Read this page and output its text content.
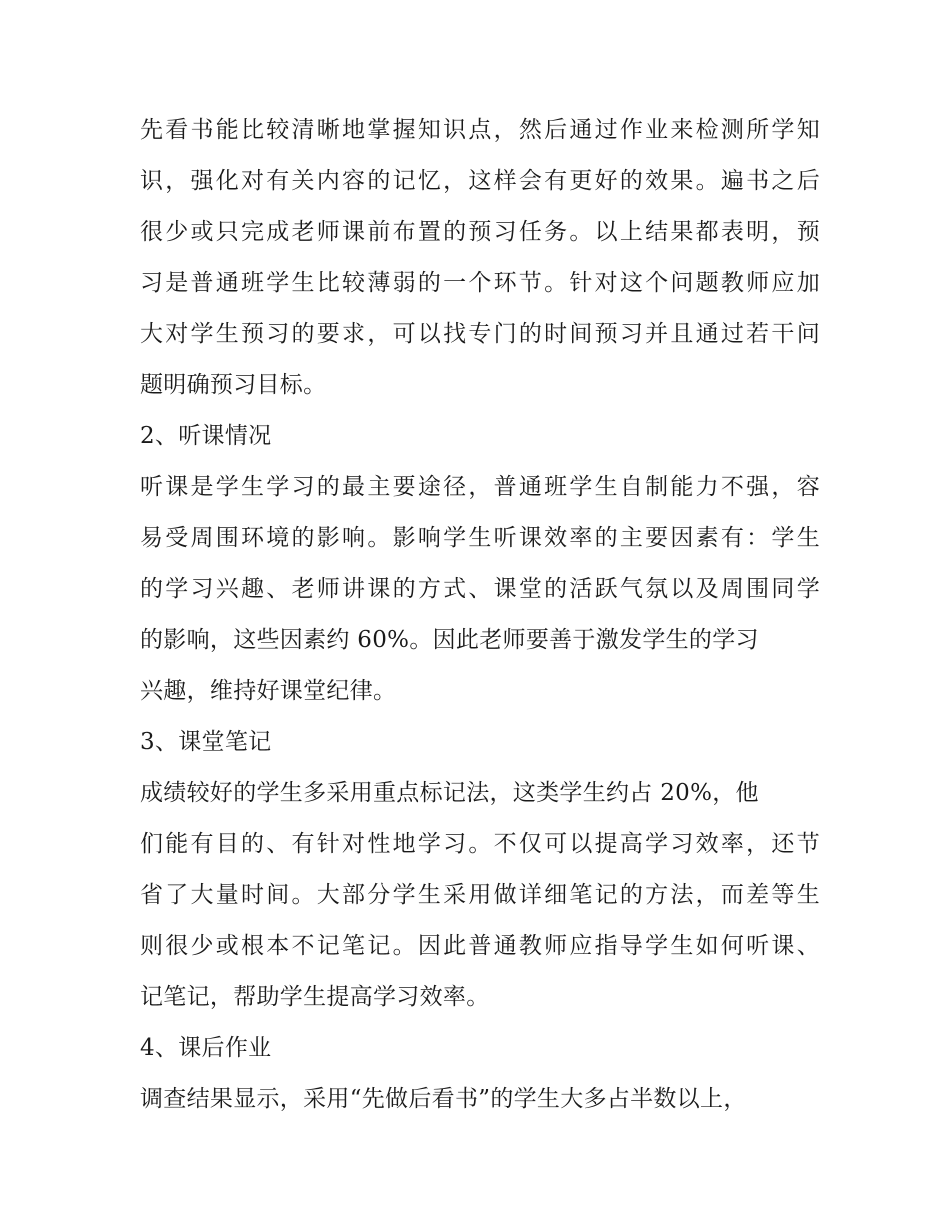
先看书能比较清晰地掌握知识点，然后通过作业来检测所学知
识，强化对有关内容的记忆，这样会有更好的效果。遍书之后
很少或只完成老师课前布置的预习任务。以上结果都表明，预
习是普通班学生比较薄弱的一个环节。针对这个问题教师应加
大对学生预习的要求，可以找专门的时间预习并且通过若干问
题明确预习目标。
2、听课情况
听课是学生学习的最主要途径，普通班学生自制能力不强，容
易受周围环境的影响。影响学生听课效率的主要因素有：学生
的学习兴趣、老师讲课的方式、课堂的活跃气氛以及周围同学
的影响，这些因素约 60%。因此老师要善于激发学生的学习
兴趣，维持好课堂纪律。
3、课堂笔记
成绩较好的学生多采用重点标记法，这类学生约占 20%，他
们能有目的、有针对性地学习。不仅可以提高学习效率，还节
省了大量时间。大部分学生采用做详细笔记的方法，而差等生
则很少或根本不记笔记。因此普通教师应指导学生如何听课、
记笔记，帮助学生提高学习效率。
4、课后作业
调查结果显示，采用“先做后看书”的学生大多占半数以上，
